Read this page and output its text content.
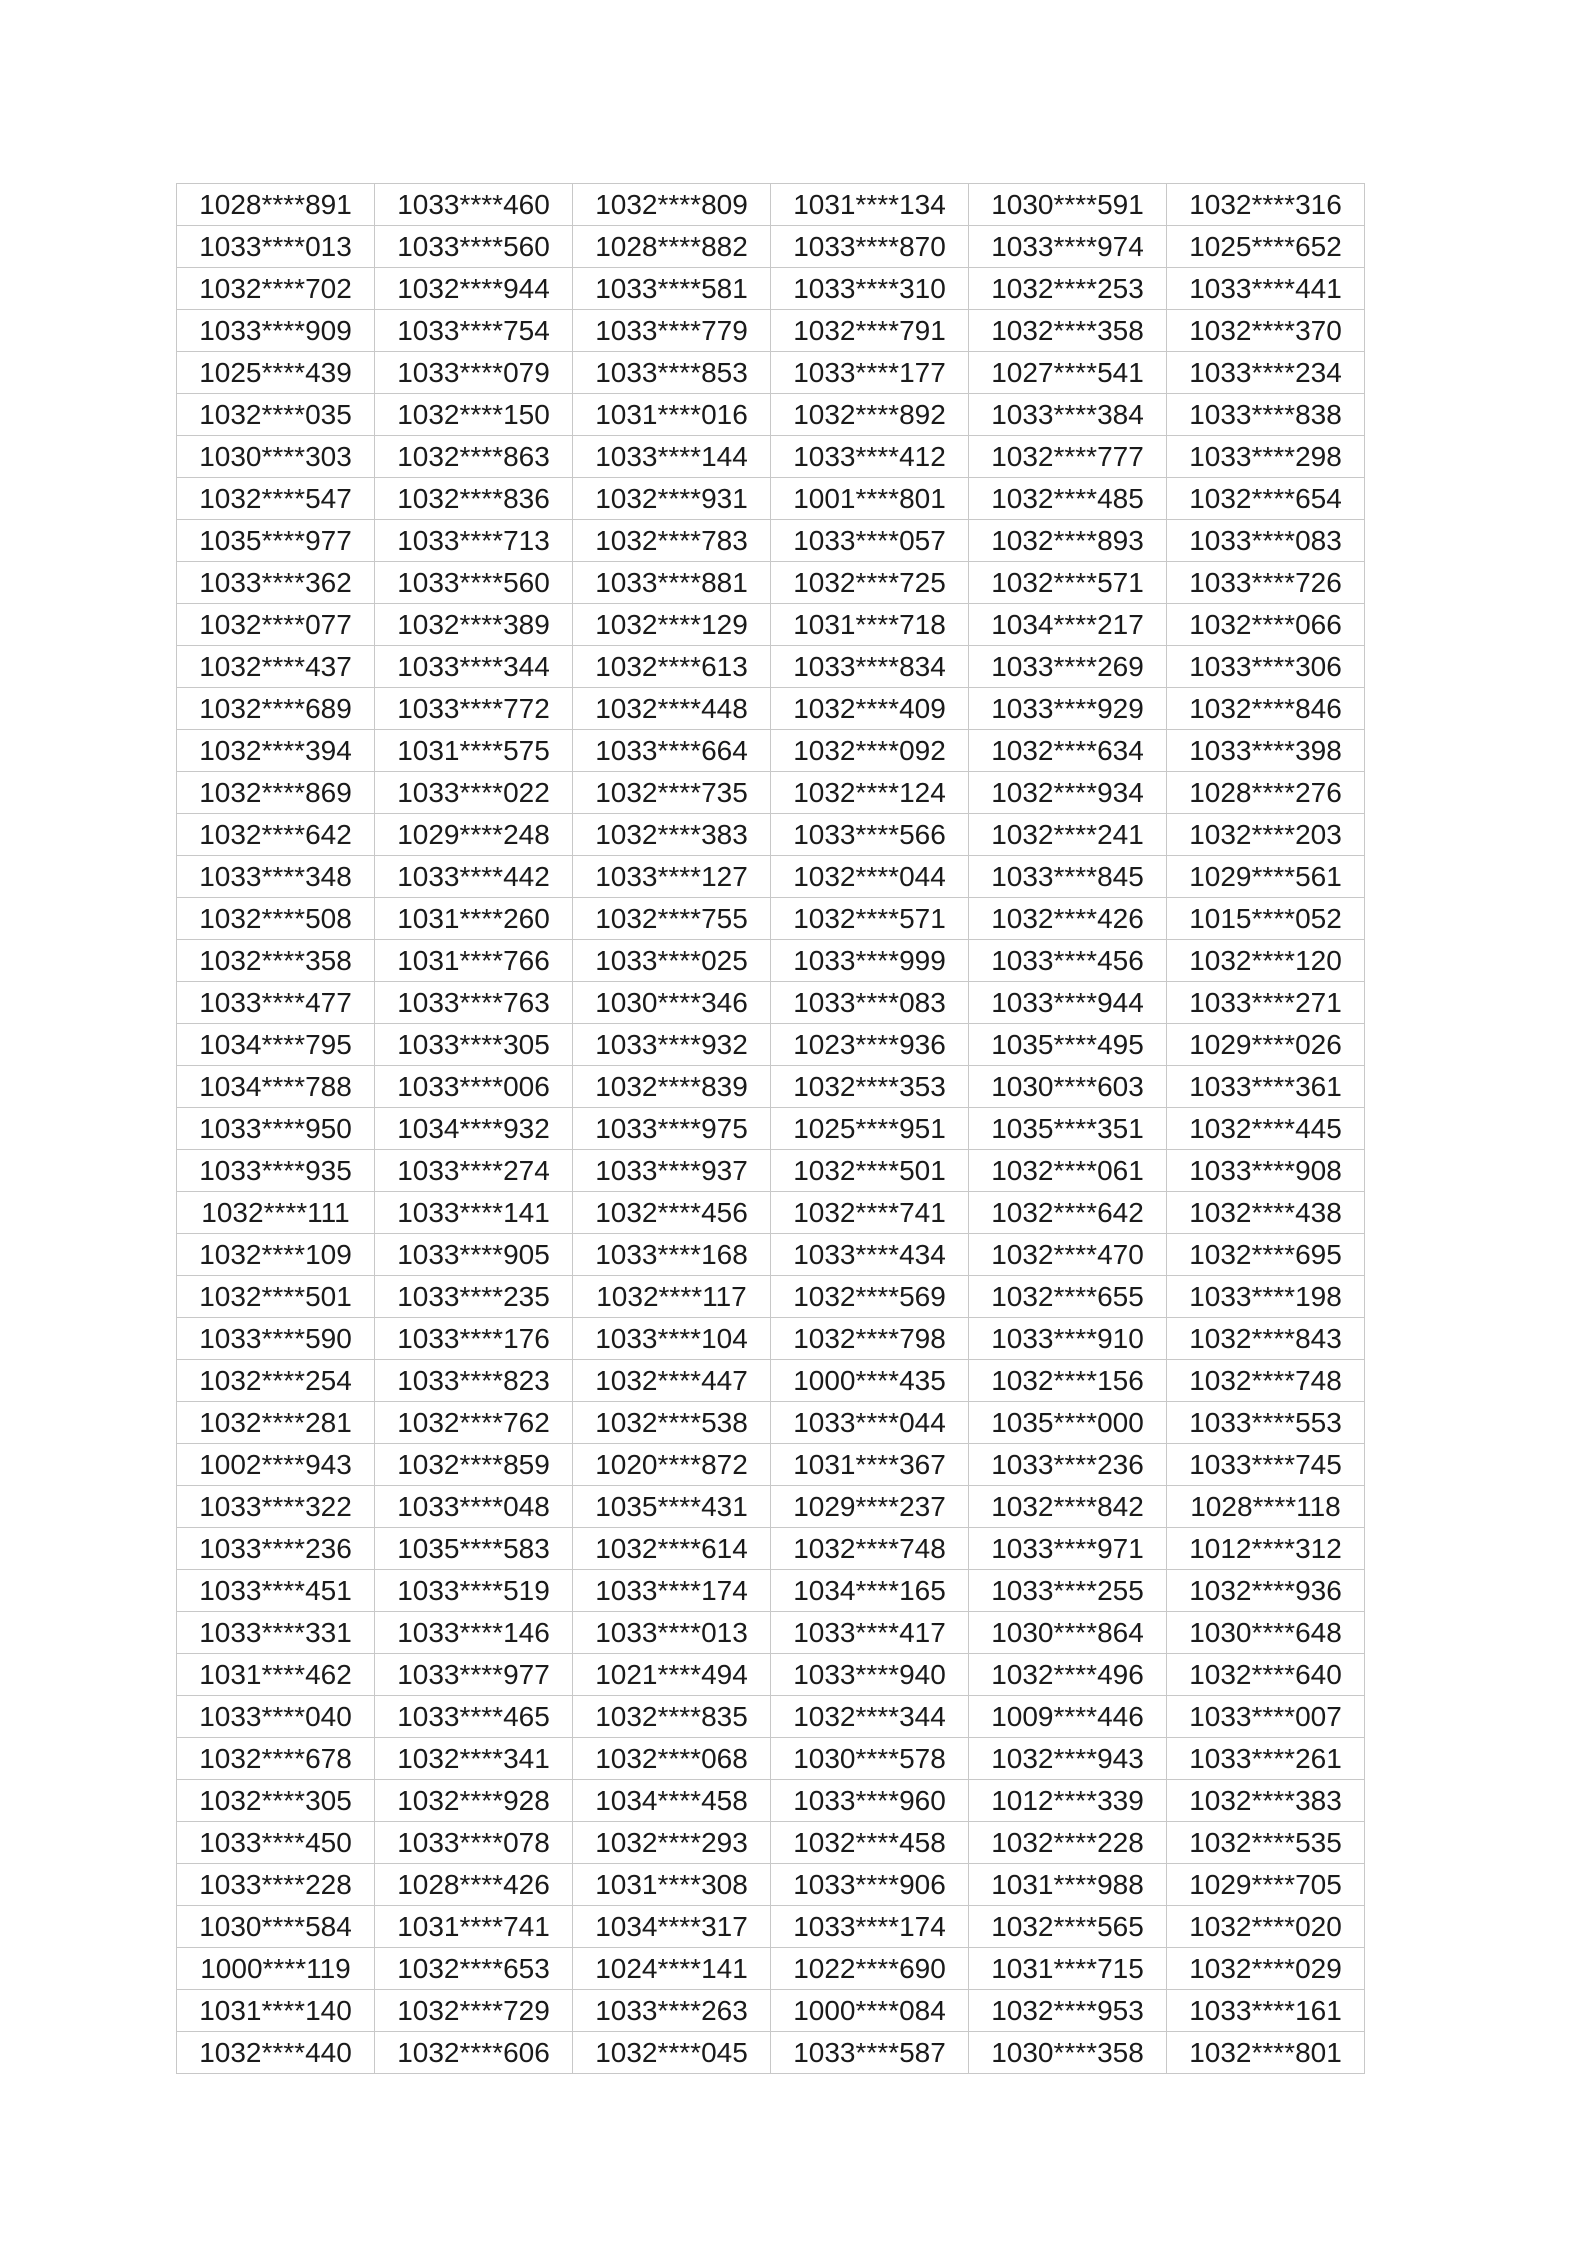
1028****891	1033****460	1032****809	1031****134	1030****591	1032****316
1033****013	1033****560	1028****882	1033****870	1033****974	1025****652
1032****702	1032****944	1033****581	1033****310	1032****253	1033****441
1033****909	1033****754	1033****779	1032****791	1032****358	1032****370
1025****439	1033****079	1033****853	1033****177	1027****541	1033****234
1032****035	1032****150	1031****016	1032****892	1033****384	1033****838
1030****303	1032****863	1033****144	1033****412	1032****777	1033****298
1032****547	1032****836	1032****931	1001****801	1032****485	1032****654
1035****977	1033****713	1032****783	1033****057	1032****893	1033****083
1033****362	1033****560	1033****881	1032****725	1032****571	1033****726
1032****077	1032****389	1032****129	1031****718	1034****217	1032****066
1032****437	1033****344	1032****613	1033****834	1033****269	1033****306
1032****689	1033****772	1032****448	1032****409	1033****929	1032****846
1032****394	1031****575	1033****664	1032****092	1032****634	1033****398
1032****869	1033****022	1032****735	1032****124	1032****934	1028****276
1032****642	1029****248	1032****383	1033****566	1032****241	1032****203
1033****348	1033****442	1033****127	1032****044	1033****845	1029****561
1032****508	1031****260	1032****755	1032****571	1032****426	1015****052
1032****358	1031****766	1033****025	1033****999	1033****456	1032****120
1033****477	1033****763	1030****346	1033****083	1033****944	1033****271
1034****795	1033****305	1033****932	1023****936	1035****495	1029****026
1034****788	1033****006	1032****839	1032****353	1030****603	1033****361
1033****950	1034****932	1033****975	1025****951	1035****351	1032****445
1033****935	1033****274	1033****937	1032****501	1032****061	1033****908
1032****111	1033****141	1032****456	1032****741	1032****642	1032****438
1032****109	1033****905	1033****168	1033****434	1032****470	1032****695
1032****501	1033****235	1032****117	1032****569	1032****655	1033****198
1033****590	1033****176	1033****104	1032****798	1033****910	1032****843
1032****254	1033****823	1032****447	1000****435	1032****156	1032****748
1032****281	1032****762	1032****538	1033****044	1035****000	1033****553
1002****943	1032****859	1020****872	1031****367	1033****236	1033****745
1033****322	1033****048	1035****431	1029****237	1032****842	1028****118
1033****236	1035****583	1032****614	1032****748	1033****971	1012****312
1033****451	1033****519	1033****174	1034****165	1033****255	1032****936
1033****331	1033****146	1033****013	1033****417	1030****864	1030****648
1031****462	1033****977	1021****494	1033****940	1032****496	1032****640
1033****040	1033****465	1032****835	1032****344	1009****446	1033****007
1032****678	1032****341	1032****068	1030****578	1032****943	1033****261
1032****305	1032****928	1034****458	1033****960	1012****339	1032****383
1033****450	1033****078	1032****293	1032****458	1032****228	1032****535
1033****228	1028****426	1031****308	1033****906	1031****988	1029****705
1030****584	1031****741	1034****317	1033****174	1032****565	1032****020
1000****119	1032****653	1024****141	1022****690	1031****715	1032****029
1031****140	1032****729	1033****263	1000****084	1032****953	1033****161
1032****440	1032****606	1032****045	1033****587	1030****358	1032****801
